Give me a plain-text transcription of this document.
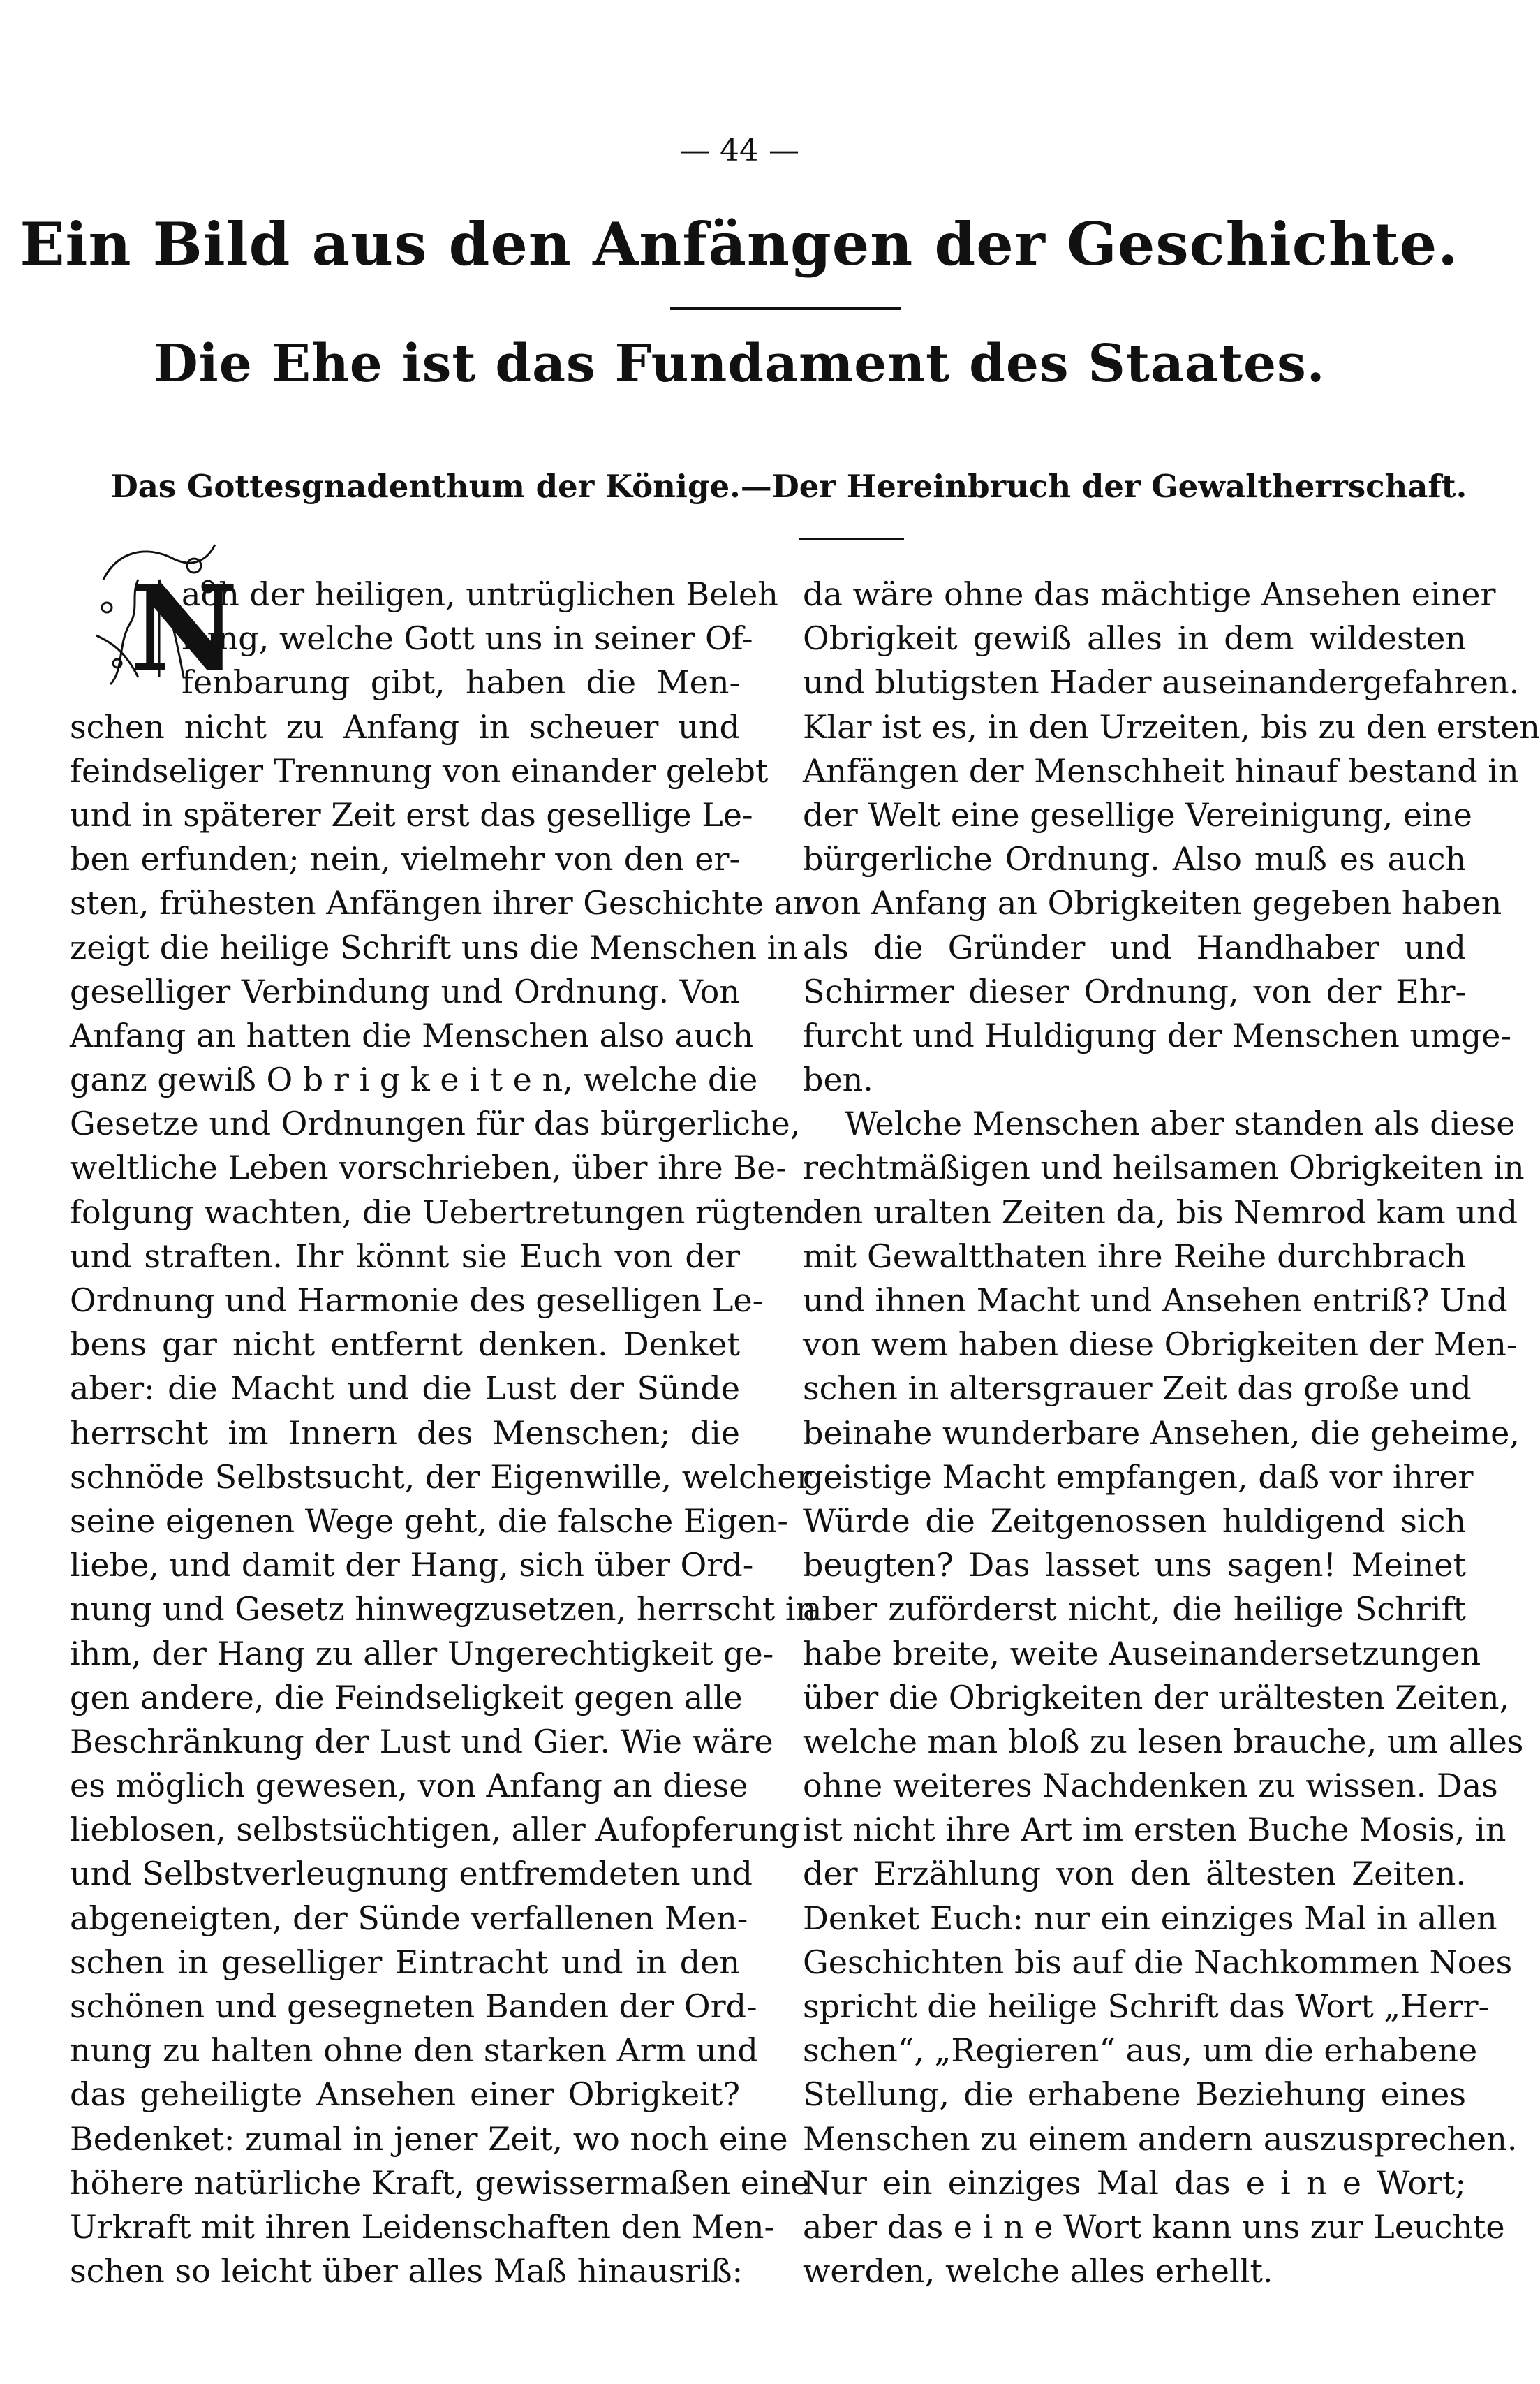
— 44 —
Ein Bild aus den Anfängen der Geschichte.
Die Ehe ist das Fundament des Staates.
Das Gottesgnadenthum der Könige.—Der Hereinbruch der Gewaltherrschaft.
N
ach der heiligen, untrüglichen Beleh
rung, welche Gott uns in seiner Of-
fenbarung gibt, haben die Men-
schen nicht zu Anfang in scheuer und
feindseliger Trennung von einander gelebt
und in späterer Zeit erst das gesellige Le-
ben erfunden; nein, vielmehr von den er-
sten, frühesten Anfängen ihrer Geschichte an
zeigt die heilige Schrift uns die Menschen in
geselliger Verbindung und Ordnung. Von
Anfang an hatten die Menschen also auch
ganz gewiß O b r i g k e i t e n, welche die
Gesetze und Ordnungen für das bürgerliche,
weltliche Leben vorschrieben, über ihre Be-
folgung wachten, die Uebertretungen rügten
und straften. Ihr könnt sie Euch von der
Ordnung und Harmonie des geselligen Le-
bens gar nicht entfernt denken. Denket
aber: die Macht und die Lust der Sünde
herrscht im Innern des Menschen; die
schnöde Selbstsucht, der Eigenwille, welcher
seine eigenen Wege geht, die falsche Eigen-
liebe, und damit der Hang, sich über Ord-
nung und Gesetz hinwegzusetzen, herrscht in
ihm, der Hang zu aller Ungerechtigkeit ge-
gen andere, die Feindseligkeit gegen alle
Beschränkung der Lust und Gier. Wie wäre
es möglich gewesen, von Anfang an diese
lieblosen, selbstsüchtigen, aller Aufopferung
und Selbstverleugnung entfremdeten und
abgeneigten, der Sünde verfallenen Men-
schen in geselliger Eintracht und in den
schönen und gesegneten Banden der Ord-
nung zu halten ohne den starken Arm und
das geheiligte Ansehen einer Obrigkeit?
Bedenket: zumal in jener Zeit, wo noch eine
höhere natürliche Kraft, gewissermaßen eine
Urkraft mit ihren Leidenschaften den Men-
schen so leicht über alles Maß hinausriß:
da wäre ohne das mächtige Ansehen einer
Obrigkeit gewiß alles in dem wildesten
und blutigsten Hader auseinandergefahren.
Klar ist es, in den Urzeiten, bis zu den ersten
Anfängen der Menschheit hinauf bestand in
der Welt eine gesellige Vereinigung, eine
bürgerliche Ordnung. Also muß es auch
von Anfang an Obrigkeiten gegeben haben
als die Gründer und Handhaber und
Schirmer dieser Ordnung, von der Ehr-
furcht und Huldigung der Menschen umge-
ben.
Welche Menschen aber standen als diese
rechtmäßigen und heilsamen Obrigkeiten in
den uralten Zeiten da, bis Nemrod kam und
mit Gewaltthaten ihre Reihe durchbrach
und ihnen Macht und Ansehen entriß? Und
von wem haben diese Obrigkeiten der Men-
schen in altersgrauer Zeit das große und
beinahe wunderbare Ansehen, die geheime,
geistige Macht empfangen, daß vor ihrer
Würde die Zeitgenossen huldigend sich
beugten? Das lasset uns sagen! Meinet
aber zuförderst nicht, die heilige Schrift
habe breite, weite Auseinandersetzungen
über die Obrigkeiten der urältesten Zeiten,
welche man bloß zu lesen brauche, um alles
ohne weiteres Nachdenken zu wissen. Das
ist nicht ihre Art im ersten Buche Mosis, in
der Erzählung von den ältesten Zeiten.
Denket Euch: nur ein einziges Mal in allen
Geschichten bis auf die Nachkommen Noes
spricht die heilige Schrift das Wort „Herr-
schen“, „Regieren“ aus, um die erhabene
Stellung, die erhabene Beziehung eines
Menschen zu einem andern auszusprechen.
Nur ein einziges Mal das e i n e Wort;
aber das e i n e Wort kann uns zur Leuchte
werden, welche alles erhellt.
